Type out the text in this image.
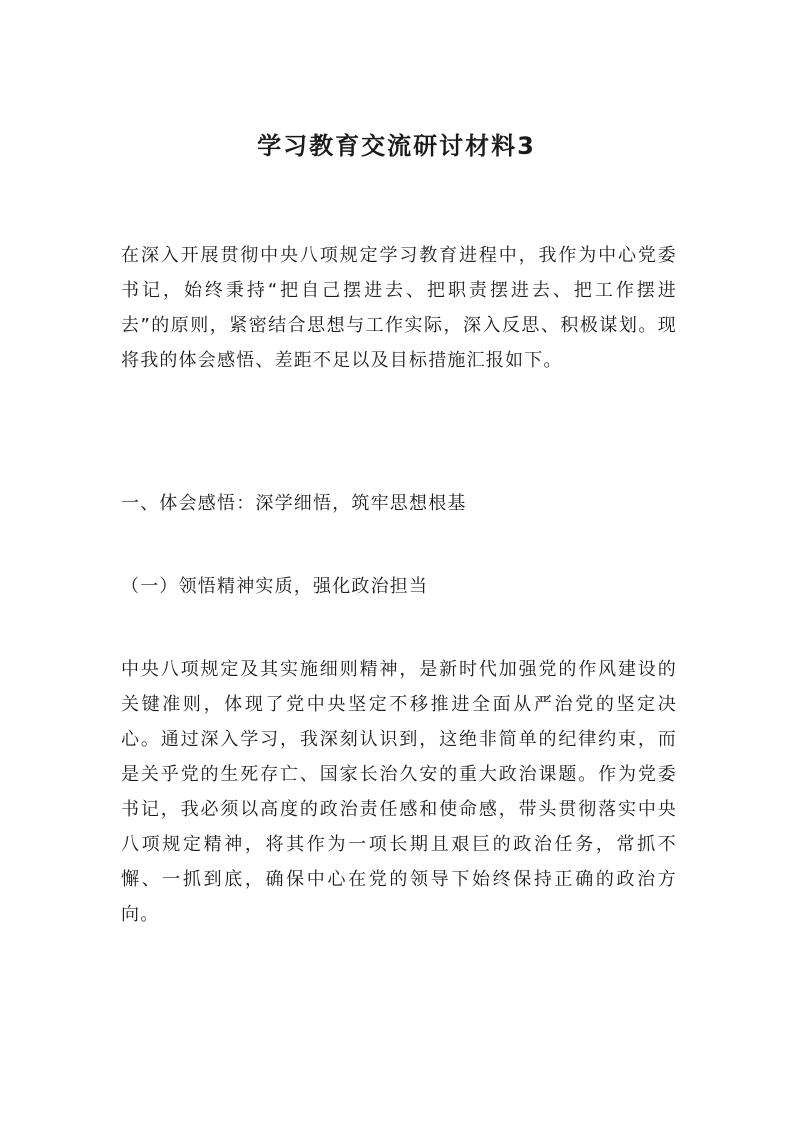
学习教育交流研讨材料3

在深入开展贯彻中央八项规定学习教育进程中，我作为中心党委书记，始终秉持“把自己摆进去、把职责摆进去、把工作摆进去”的原则，紧密结合思想与工作实际，深入反思、积极谋划。现将我的体会感悟、差距不足以及目标措施汇报如下。

一、体会感悟：深学细悟，筑牢思想根基

（一）领悟精神实质，强化政治担当

中央八项规定及其实施细则精神，是新时代加强党的作风建设的关键准则，体现了党中央坚定不移推进全面从严治党的坚定决心。通过深入学习，我深刻认识到，这绝非简单的纪律约束，而是关乎党的生死存亡、国家长治久安的重大政治课题。作为党委书记，我必须以高度的政治责任感和使命感，带头贯彻落实中央八项规定精神，将其作为一项长期且艰巨的政治任务，常抓不懈、一抓到底，确保中心在党的领导下始终保持正确的政治方向。
